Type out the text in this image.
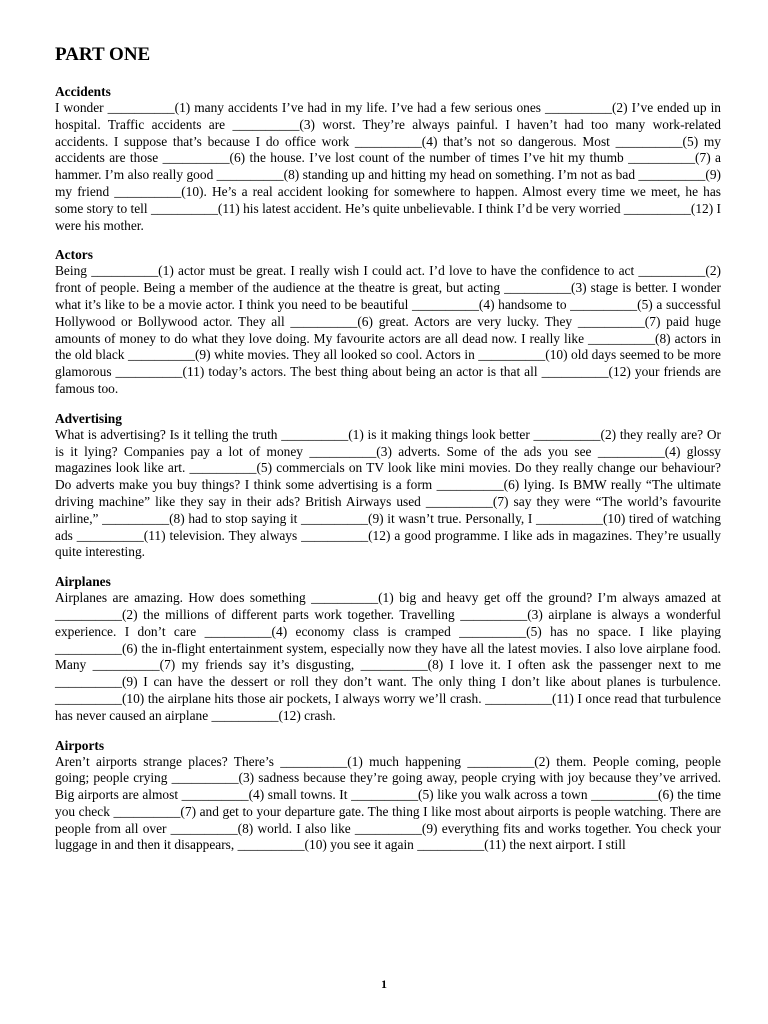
PART ONE
Accidents

I wonder __________(1) many accidents I’ve had in my life. I’ve had a few serious ones __________(2) I’ve ended up in hospital. Traffic accidents are __________(3) worst. They’re always painful. I haven’t had too many work-related accidents. I suppose that’s because I do office work __________(4) that’s not so dangerous. Most __________(5) my accidents are those __________(6) the house. I’ve lost count of the number of times I’ve hit my thumb __________(7) a hammer. I’m also really good __________(8) standing up and hitting my head on something. I’m not as bad __________(9) my friend __________(10). He’s a real accident looking for somewhere to happen. Almost every time we meet, he has some story to tell __________(11) his latest accident. He’s quite unbelievable. I think I’d be very worried __________(12) I were his mother.

Actors

Being __________(1) actor must be great. I really wish I could act. I’d love to have the confidence to act __________(2) front of people. Being a member of the audience at the theatre is great, but acting __________(3) stage is better. I wonder what it’s like to be a movie actor. I think you need to be beautiful __________(4) handsome to __________(5) a successful Hollywood or Bollywood actor. They all __________(6) great. Actors are very lucky. They __________(7) paid huge amounts of money to do what they love doing. My favourite actors are all dead now. I really like __________(8) actors in the old black __________(9) white movies. They all looked so cool. Actors in __________(10) old days seemed to be more glamorous __________(11) today’s actors. The best thing about being an actor is that all __________(12) your friends are famous too.

Advertising

What is advertising? Is it telling the truth __________(1) is it making things look better __________(2) they really are? Or is it lying? Companies pay a lot of money __________(3) adverts. Some of the ads you see __________(4) glossy magazines look like art. __________(5) commercials on TV look like mini movies. Do they really change our behaviour? Do adverts make you buy things? I think some advertising is a form __________(6) lying. Is BMW really “The ultimate driving machine” like they say in their ads? British Airways used __________(7) say they were “The world’s favourite airline,” __________(8) had to stop saying it __________(9) it wasn’t true. Personally, I __________(10) tired of watching ads __________(11) television. They always __________(12) a good programme. I like ads in magazines. They’re usually quite interesting.

Airplanes

Airplanes are amazing. How does something __________(1) big and heavy get off the ground? I’m always amazed at __________(2) the millions of different parts work together. Travelling __________(3) airplane is always a wonderful experience. I don’t care __________(4) economy class is cramped __________(5) has no space. I like playing __________(6) the in-flight entertainment system, especially now they have all the latest movies. I also love airplane food. Many __________(7) my friends say it’s disgusting, __________(8) I love it. I often ask the passenger next to me __________(9) I can have the dessert or roll they don’t want. The only thing I don’t like about planes is turbulence. __________(10) the airplane hits those air pockets, I always worry we’ll crash. __________(11) I once read that turbulence has never caused an airplane __________(12) crash.

Airports

Aren’t airports strange places? There’s __________(1) much happening __________(2) them. People coming, people going; people crying __________(3) sadness because they’re going away, people crying with joy because they’ve arrived. Big airports are almost __________(4) small towns. It __________(5) like you walk across a town __________(6) the time you check __________(7) and get to your departure gate. The thing I like most about airports is people watching. There are people from all over __________(8) world. I also like __________(9) everything fits and works together. You check your luggage in and then it disappears, __________(10) you see it again __________(11) the next airport. I still

1
